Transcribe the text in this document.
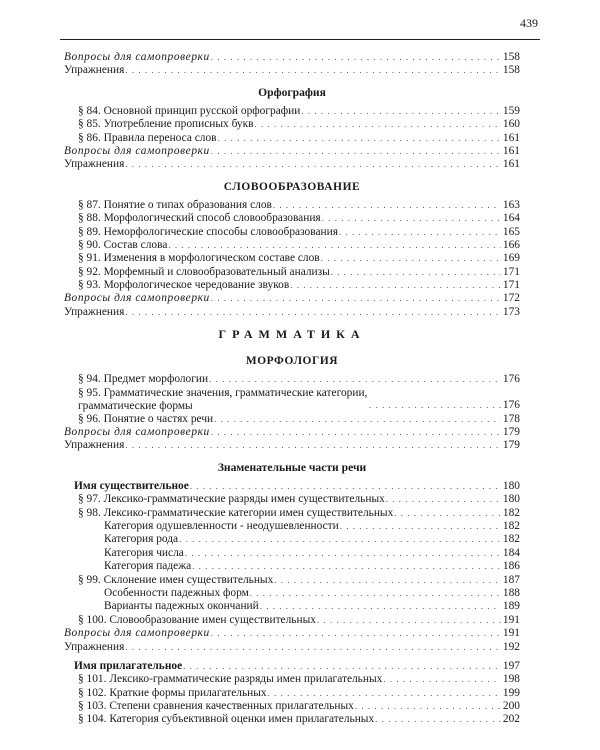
439
Вопросы для самопроверки . . .	158
Упражнения . . .	158
Орфография
§ 84. Основной принцип русской орфографии . . .	159
§ 85. Употребление прописных букв . . .	160
§ 86. Правила переноса слов . . .	161
Вопросы для самопроверки . . .	161
Упражнения . . .	161
СЛОВООБРАЗОВАНИЕ
§ 87. Понятие о типах образования слов . . .	163
§ 88. Морфологический способ словообразования . . .	164
§ 89. Неморфологические способы словообразования . . .	165
§ 90. Состав слова . . .	166
§ 91. Изменения в морфологическом составе слов . . .	169
§ 92. Морфемный и словообразовательный анализы . . .	171
§ 93. Морфологическое чередование звуков . . .	171
Вопросы для самопроверки . . .	172
Упражнения . . .	173
ГРАММАТИКА
МОРФОЛОГИЯ
§ 94. Предмет морфологии . . .	176
§ 95. Грамматические значения, грамматические категории, грамматические формы . . .	176
§ 96. Понятие о частях речи . . .	178
Вопросы для самопроверки . . .	179
Упражнения . . .	179
Знаменательные части речи
Имя существительное . . .	180
§ 97. Лексико-грамматические разряды имен существительных . . .	180
§ 98. Лексико-грамматические категории имен существительных . . .	182
Категория одушевленности - неодушевленности . . .	182
Категория рода . . .	182
Категория числа . . .	184
Категория падежа . . .	186
§ 99. Склонение имен существительных . . .	187
Особенности падежных форм . . .	188
Варианты падежных окончаний . . .	189
§ 100. Словообразование имен существительных . . .	191
Вопросы для самопроверки . . .	191
Упражнения . . .	192
Имя прилагательное . . .	197
§ 101. Лексико-грамматические разряды имен прилагательных . . .	198
§ 102. Краткие формы прилагательных . . .	199
§ 103. Степени сравнения качественных прилагательных . . .	200
§ 104. Категория субъективной оценки имен прилагательных . . .	202
